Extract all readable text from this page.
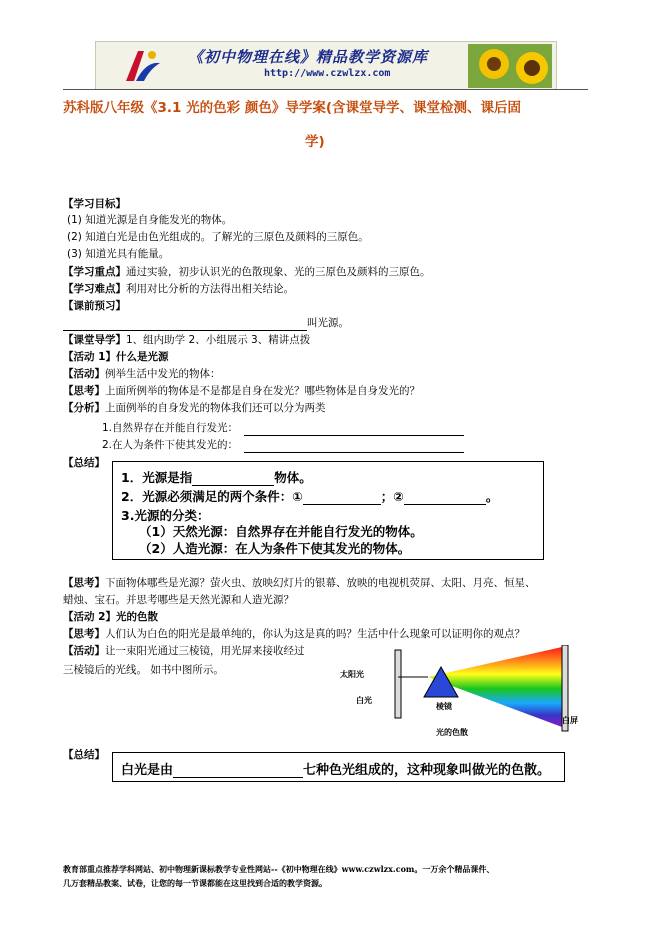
《初中物理在线》精品教学资源库
http://www.czwlzx.com
苏科版八年级《3.1 光的色彩 颜色》导学案(含课堂导学、课堂检测、课后固
学)
【学习目标】
(1) 知道光源是自身能发光的物体。
(2) 知道白光是由色光组成的。了解光的三原色及颜料的三原色。
(3) 知道光具有能量。
【学习重点】通过实验，初步认识光的色散现象、光的三原色及颜料的三原色。
【学习难点】利用对比分析的方法得出相关结论。
【课前预习】
叫光源。
【课堂导学】1、组内助学 2、小组展示 3、精讲点拨
【活动 1】什么是光源
【活动】例举生活中发光的物体：
【思考】上面所例举的物体是不是都是自身在发光？哪些物体是自身发光的？
【分析】上面例举的自身发光的物体我们还可以分为两类
1.自然界存在并能自行发光：
2.在人为条件下使其发光的：
【总结】
1．光源是指	物体。
2．光源必须满足的两个条件：①	；②	。
3.光源的分类：
（1）天然光源：自然界存在并能自行发光的物体。
（2）人造光源：在人为条件下使其发光的物体。
【思考】下面物体哪些是光源？萤火虫、放映幻灯片的银幕、放映的电视机荧屏、太阳、月亮、恒星、
蜡烛、宝石。并思考哪些是天然光源和人造光源？
【活动 2】光的色散
【思考】人们认为白色的阳光是最单纯的，你认为这是真的吗？生活中什么现象可以证明你的观点？
【活动】让一束阳光通过三棱镜，用光屏来接收经过
三棱镜后的光线。 如书中图所示。	太阳光
白光
棱镜
光的色散
白屏
【总结】
白光是由	七种色光组成的，这种现象叫做光的色散。
教育部重点推荐学科网站、初中物理新课标教学专业性网站--《初中物理在线》www.czwlzx.com。一万余个精品课件、
几万套精品教案、试卷，让您的每一节课都能在这里找到合适的教学资源。
